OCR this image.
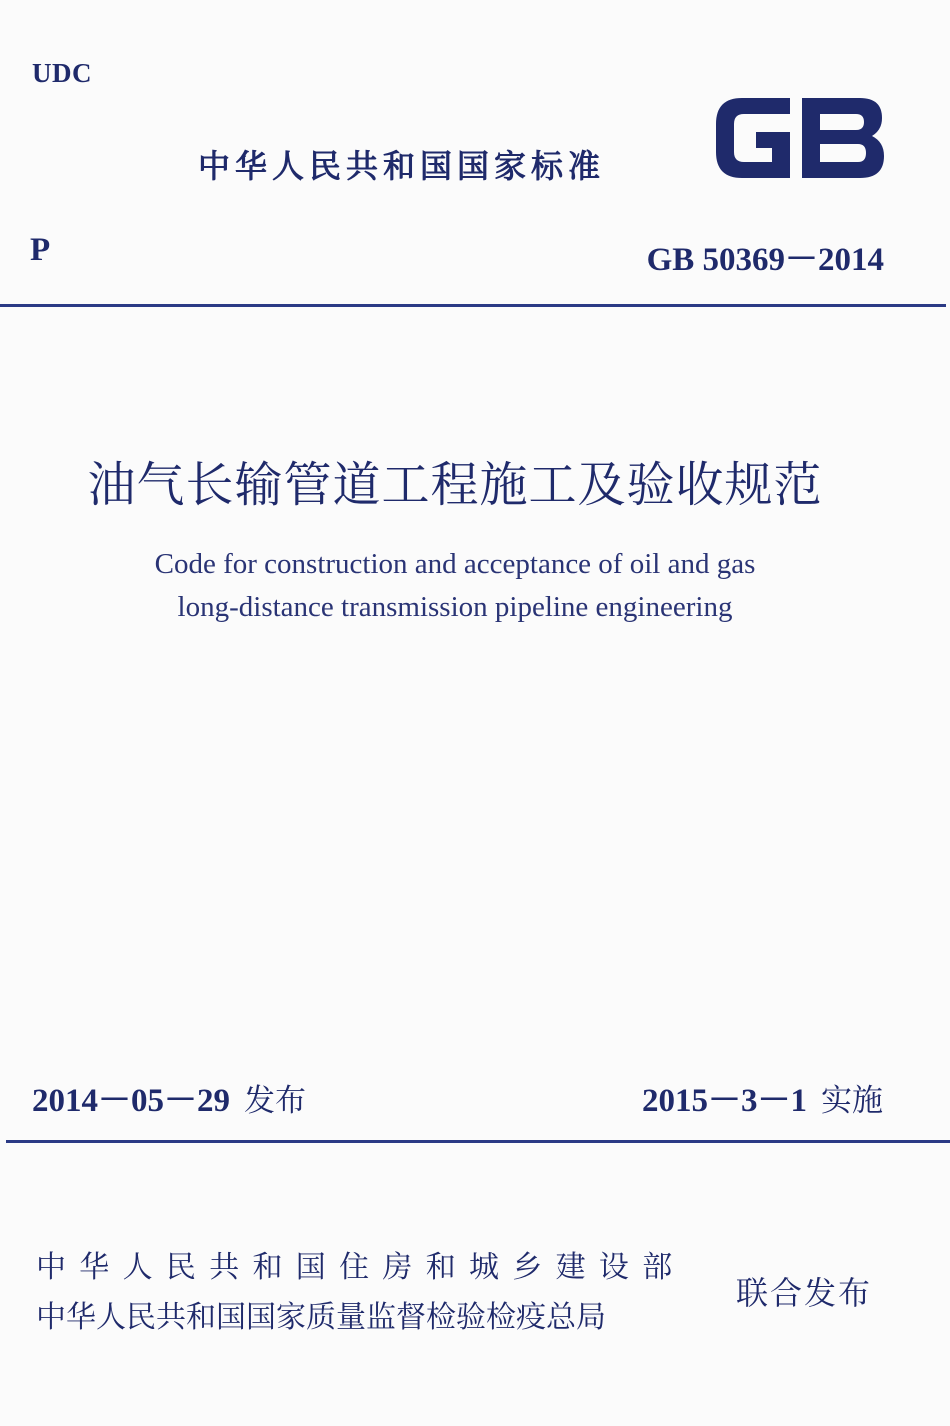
UDC
中华人民共和国国家标准
P	GB 50369－2014
油气长输管道工程施工及验收规范
Code for construction and acceptance of oil and gas
long-distance transmission pipeline engineering
2014－05－29 发布	2015－3－1 实施
中华人民共和国住房和城乡建设部
中华人民共和国国家质量监督检验检疫总局
联合发布
